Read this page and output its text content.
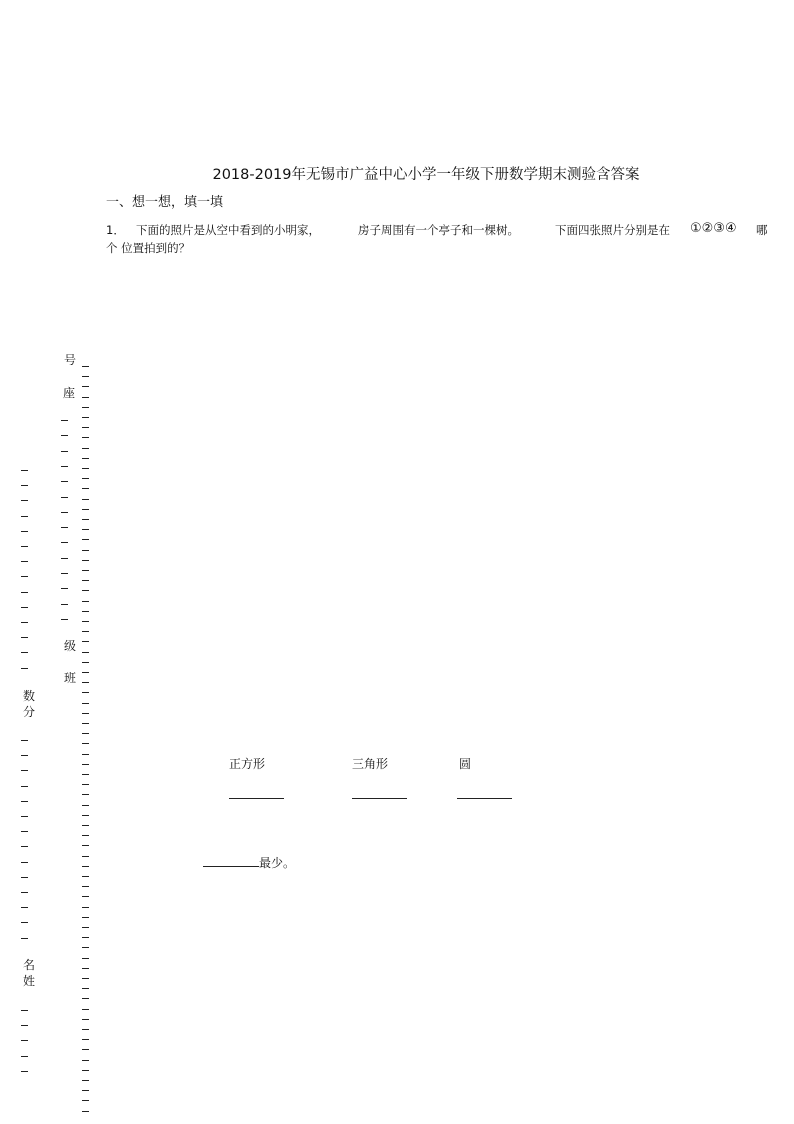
2018-2019年无锡市广益中心小学一年级下册数学期末测验含答案
一、想一想，填一填
1． 下面的照片是从空中看到的小明家，	房子周围有一个亭子和一棵树。	下面四张照片分别是在 ①②③④ 哪
个 位置拍到的？
号
座
级
班
数
分
名
姓
正方形	三角形	圆
最少。
